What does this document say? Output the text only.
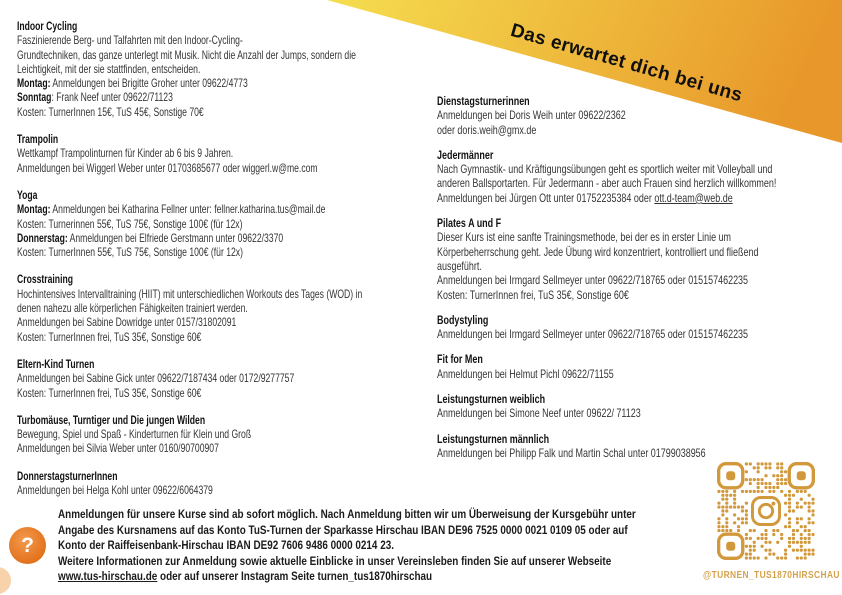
Das erwartet dich bei uns
Indoor Cycling
Faszinierende Berg- und Talfahrten mit den Indoor-Cycling-
Grundtechniken, das ganze unterlegt mit Musik. Nicht die Anzahl der Jumps, sondern die
Leichtigkeit, mit der sie stattfinden, entscheiden.
Montag: Anmeldungen bei Brigitte Groher unter 09622/4773
Sonntag: Frank Neef unter 09622/71123
Kosten: TurnerInnen 15€, TuS 45€, Sonstige 70€
Trampolin
Wettkampf Trampolinturnen für Kinder ab 6 bis 9 Jahren.
Anmeldungen bei Wiggerl Weber unter 01703685677 oder wiggerl.w@me.com
Yoga
Montag: Anmeldungen bei Katharina Fellner unter: fellner.katharina.tus@mail.de
Kosten: Turnerinnen 55€, TuS 75€, Sonstige 100€ (für 12x)
Donnerstag: Anmeldungen bei Elfriede Gerstmann unter 09622/3370
Kosten: TurnerInnen 55€, TuS 75€, Sonstige 100€ (für 12x)
Crosstraining
Hochintensives Intervalltraining (HIIT) mit unterschiedlichen Workouts des Tages (WOD) in
denen nahezu alle körperlichen Fähigkeiten trainiert werden.
Anmeldungen bei Sabine Dowridge unter 0157/31802091
Kosten: TurnerInnen frei, TuS 35€, Sonstige 60€
Eltern-Kind Turnen
Anmeldungen bei Sabine Gick unter 09622/7187434 oder 0172/9277757
Kosten: TurnerInnen frei, TuS 35€, Sonstige 60€
Turbomäuse, Turntiger und Die jungen Wilden
Bewegung, Spiel und Spaß - Kinderturnen für Klein und Groß
Anmeldungen bei Silvia Weber unter 0160/90700907
DonnerstagsturnerInnen
Anmeldungen bei Helga Kohl unter 09622/6064379
Dienstagsturnerinnen
Anmeldungen bei Doris Weih unter 09622/2362
oder doris.weih@gmx.de
Jedermänner
Nach Gymnastik- und Kräftigungsübungen geht es sportlich weiter mit Volleyball und
anderen Ballsportarten. Für Jedermann - aber auch Frauen sind herzlich willkommen!
Anmeldungen bei Jürgen Ott unter 01752235384 oder ott.d-team@web.de
Pilates A und F
Dieser Kurs ist eine sanfte Trainingsmethode, bei der es in erster Linie um
Körperbeherrschung geht. Jede Übung wird konzentriert, kontrolliert und fließend
ausgeführt.
Anmeldungen bei Irmgard Sellmeyer unter 09622/718765 oder 015157462235
Kosten: TurnerInnen frei, TuS 35€, Sonstige 60€
Bodystyling
Anmeldungen bei Irmgard Sellmeyer unter 09622/718765 oder 015157462235
Fit for Men
Anmeldungen bei Helmut Pichl 09622/71155
Leistungsturnen weiblich
Anmeldungen bei Simone Neef unter 09622/ 71123
Leistungsturnen männlich
Anmeldungen bei Philipp Falk und Martin Schal unter 01799038956
?
Anmeldungen für unsere Kurse sind ab sofort möglich. Nach Anmeldung bitten wir um Überweisung der Kursgebühr unter
Angabe des Kursnamens auf das Konto TuS-Turnen der Sparkasse Hirschau IBAN DE96 7525 0000 0021 0109 05 oder auf
Konto der Raiffeisenbank-Hirschau IBAN DE92 7606 9486 0000 0214 23.
Weitere Informationen zur Anmeldung sowie aktuelle Einblicke in unser Vereinsleben finden Sie auf unserer Webseite
www.tus-hirschau.de oder auf unserer Instagram Seite turnen_tus1870hirschau	@TURNEN_TUS1870HIRSCHAU
